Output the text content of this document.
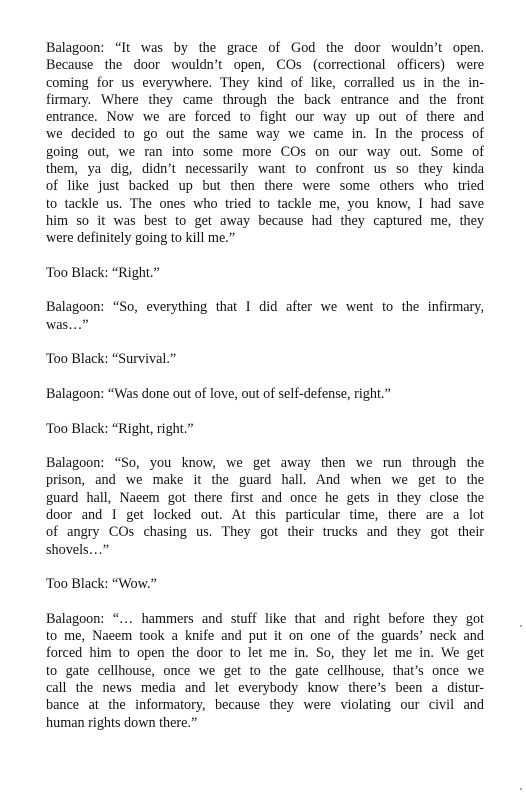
Balagoon: “It was by the grace of God the door wouldn’t open.
Because the door wouldn’t open, COs (correctional officers) were
coming for us everywhere. They kind of like, corralled us in the in-
firmary. Where they came through the back entrance and the front
entrance. Now we are forced to fight our way up out of there and
we decided to go out the same way we came in. In the process of
going out, we ran into some more COs on our way out. Some of
them, ya dig, didn’t necessarily want to confront us so they kinda
of like just backed up but then there were some others who tried
to tackle us. The ones who tried to tackle me, you know, I had save
him so it was best to get away because had they captured me, they
were definitely going to kill me.”
Too Black: “Right.”
Balagoon: “So, everything that I did after we went to the infirmary,
was…”
Too Black: “Survival.”
Balagoon: “Was done out of love, out of self-defense, right.”
Too Black: “Right, right.”
Balagoon: “So, you know, we get away then we run through the
prison, and we make it the guard hall. And when we get to the
guard hall, Naeem got there first and once he gets in they close the
door and I get locked out. At this particular time, there are a lot
of angry COs chasing us. They got their trucks and they got their
shovels…”
Too Black: “Wow.”
Balagoon: “… hammers and stuff like that and right before they got
to me, Naeem took a knife and put it on one of the guards’ neck and
forced him to open the door to let me in. So, they let me in. We get
to gate cellhouse, once we get to the gate cellhouse, that’s once we
call the news media and let everybody know there’s been a distur-
bance at the informatory, because they were violating our civil and
human rights down there.”
